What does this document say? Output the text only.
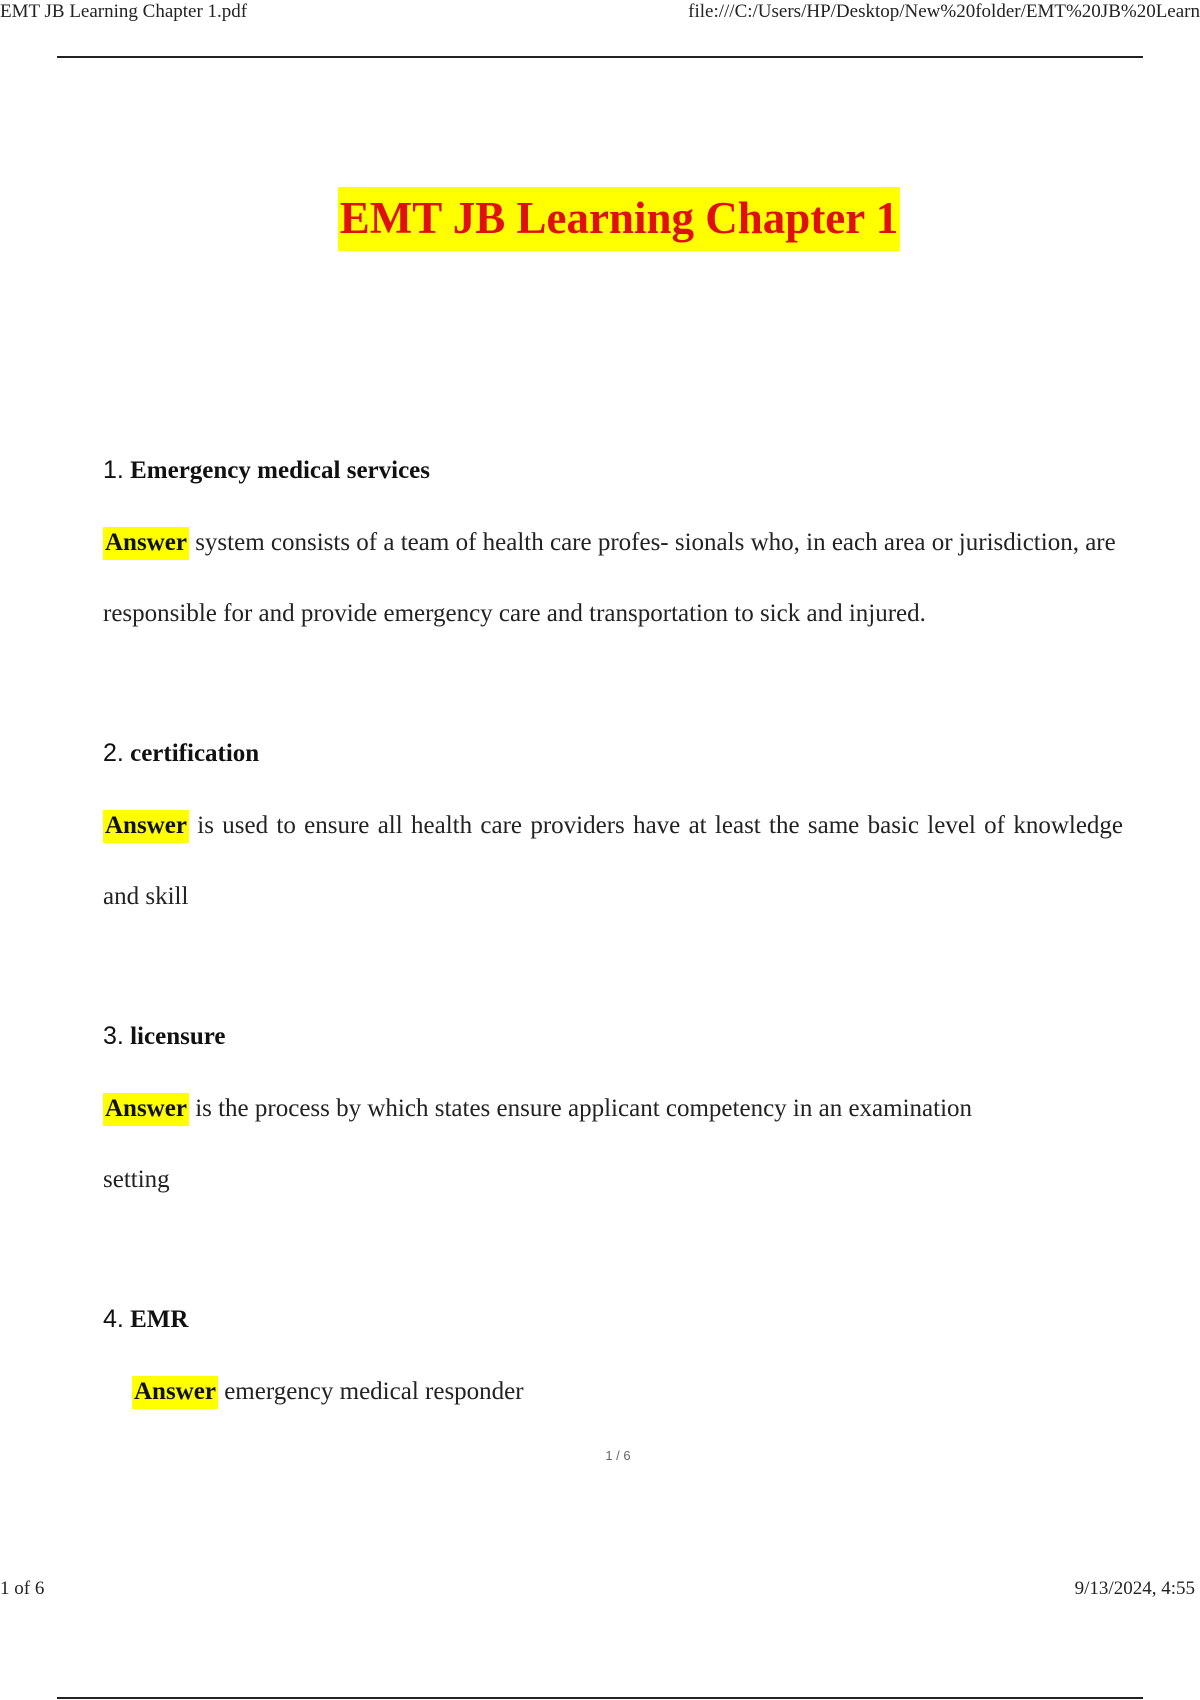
EMT JB Learning Chapter 1.pdf	file:///C:/Users/HP/Desktop/New%20folder/EMT%20JB%20Learn
EMT JB Learning Chapter 1
1. Emergency medical services
Answer system consists of a team of health care profes- sionals who, in each area or jurisdiction, are responsible for and provide emergency care and transportation to sick and injured.
2. certification
Answer is used to ensure all health care providers have at least the same basic level of knowledge and skill
3. licensure
Answer is the process by which states ensure applicant competency in an examination
setting
4. EMR
Answer emergency medical responder
1 / 6
1 of 6	9/13/2024, 4:55
